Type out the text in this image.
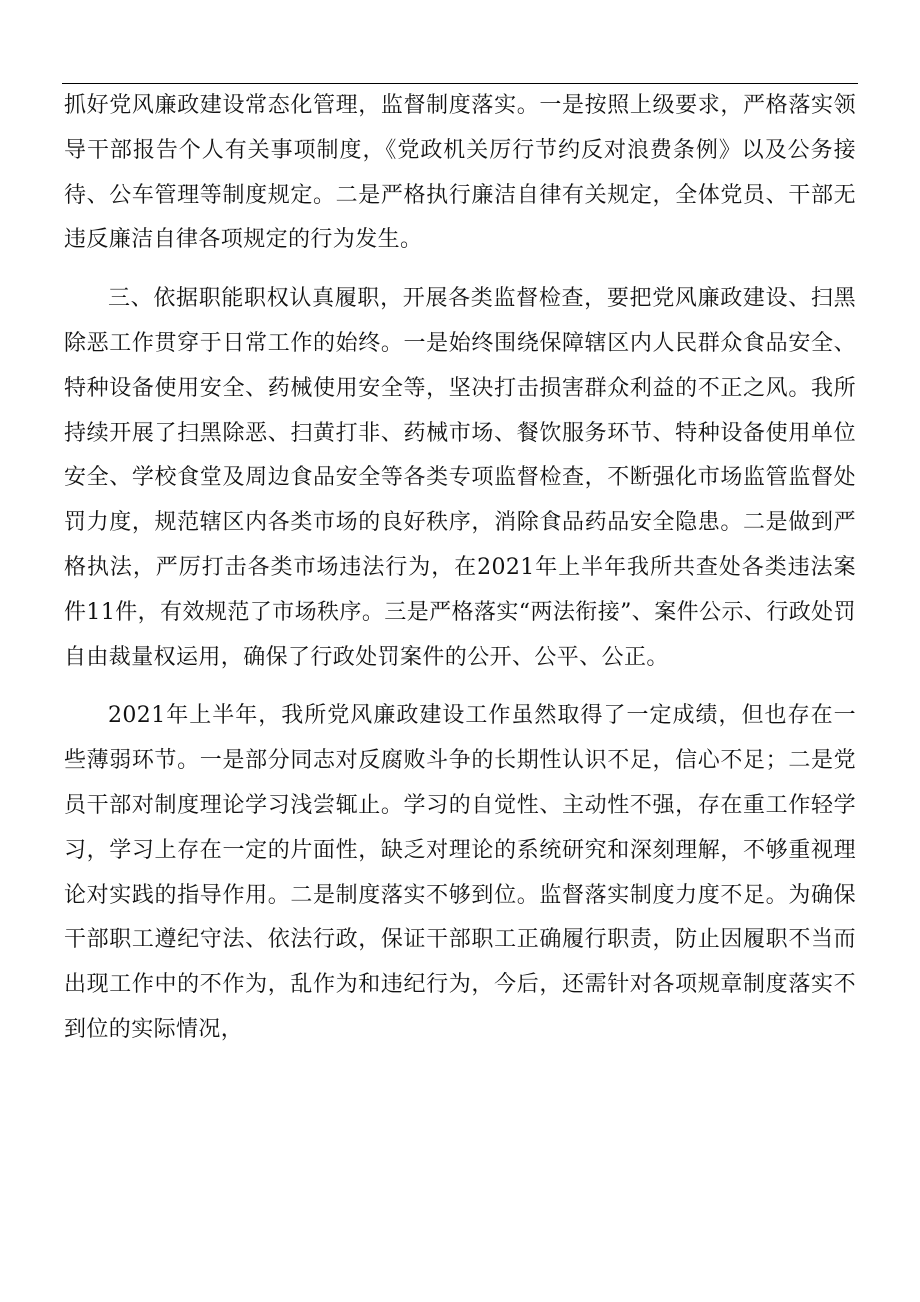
抓好党风廉政建设常态化管理，监督制度落实。一是按照上级要求，严格落实领导干部报告个人有关事项制度，《党政机关厉行节约反对浪费条例》以及公务接待、公车管理等制度规定。二是严格执行廉洁自律有关规定，全体党员、干部无违反廉洁自律各项规定的行为发生。

三、依据职能职权认真履职，开展各类监督检查，要把党风廉政建设、扫黑除恶工作贯穿于日常工作的始终。一是始终围绕保障辖区内人民群众食品安全、特种设备使用安全、药械使用安全等，坚决打击损害群众利益的不正之风。我所持续开展了扫黑除恶、扫黄打非、药械市场、餐饮服务环节、特种设备使用单位安全、学校食堂及周边食品安全等各类专项监督检查，不断强化市场监管监督处罚力度，规范辖区内各类市场的良好秩序，消除食品药品安全隐患。二是做到严格执法，严厉打击各类市场违法行为，在2021年上半年我所共查处各类违法案件11件，有效规范了市场秩序。三是严格落实“两法衔接”、案件公示、行政处罚自由裁量权运用，确保了行政处罚案件的公开、公平、公正。

2021年上半年，我所党风廉政建设工作虽然取得了一定成绩，但也存在一些薄弱环节。一是部分同志对反腐败斗争的长期性认识不足，信心不足；二是党员干部对制度理论学习浅尝辄止。学习的自觉性、主动性不强，存在重工作轻学习，学习上存在一定的片面性，缺乏对理论的系统研究和深刻理解，不够重视理论对实践的指导作用。二是制度落实不够到位。监督落实制度力度不足。为确保干部职工遵纪守法、依法行政，保证干部职工正确履行职责，防止因履职不当而出现工作中的不作为，乱作为和违纪行为，今后，还需针对各项规章制度落实不到位的实际情况，
